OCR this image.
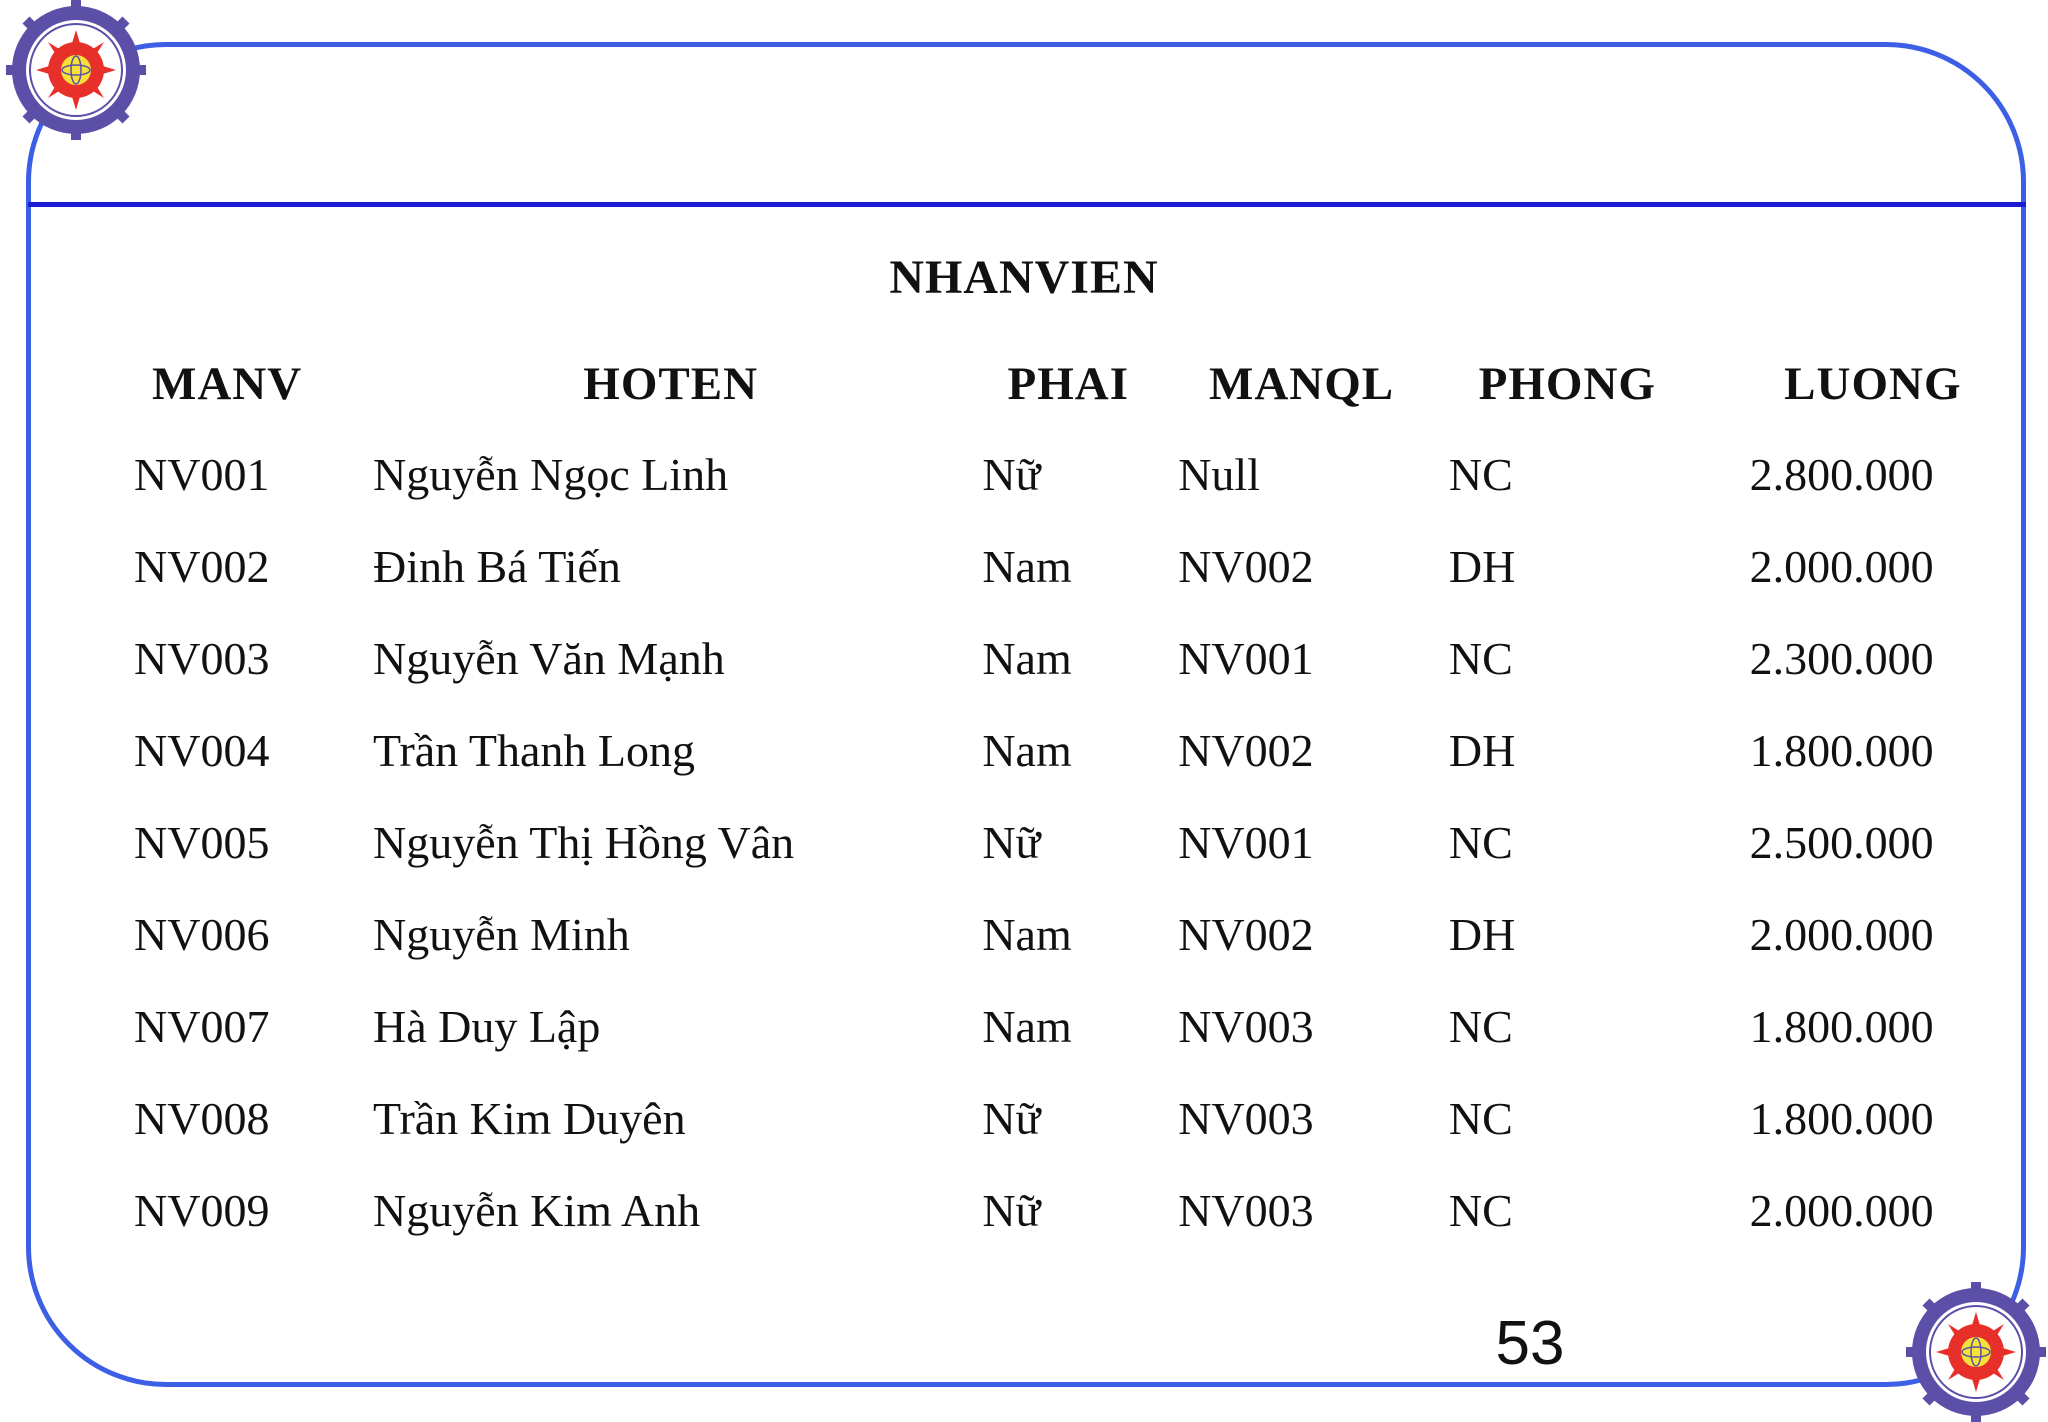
NHANVIEN
MANV	HOTEN	PHAI	MANQL	PHONG	LUONG
NV001	Nguyễn Ngọc Linh	Nữ	Null	NC	2.800.000
NV002	Đinh Bá Tiến	Nam	NV002	DH	2.000.000
NV003	Nguyễn Văn Mạnh	Nam	NV001	NC	2.300.000
NV004	Trần Thanh Long	Nam	NV002	DH	1.800.000
NV005	Nguyễn Thị Hồng Vân	Nữ	NV001	NC	2.500.000
NV006	Nguyễn Minh	Nam	NV002	DH	2.000.000
NV007	Hà Duy Lập	Nam	NV003	NC	1.800.000
NV008	Trần Kim Duyên	Nữ	NV003	NC	1.800.000
NV009	Nguyễn Kim Anh	Nữ	NV003	NC	2.000.000
53
